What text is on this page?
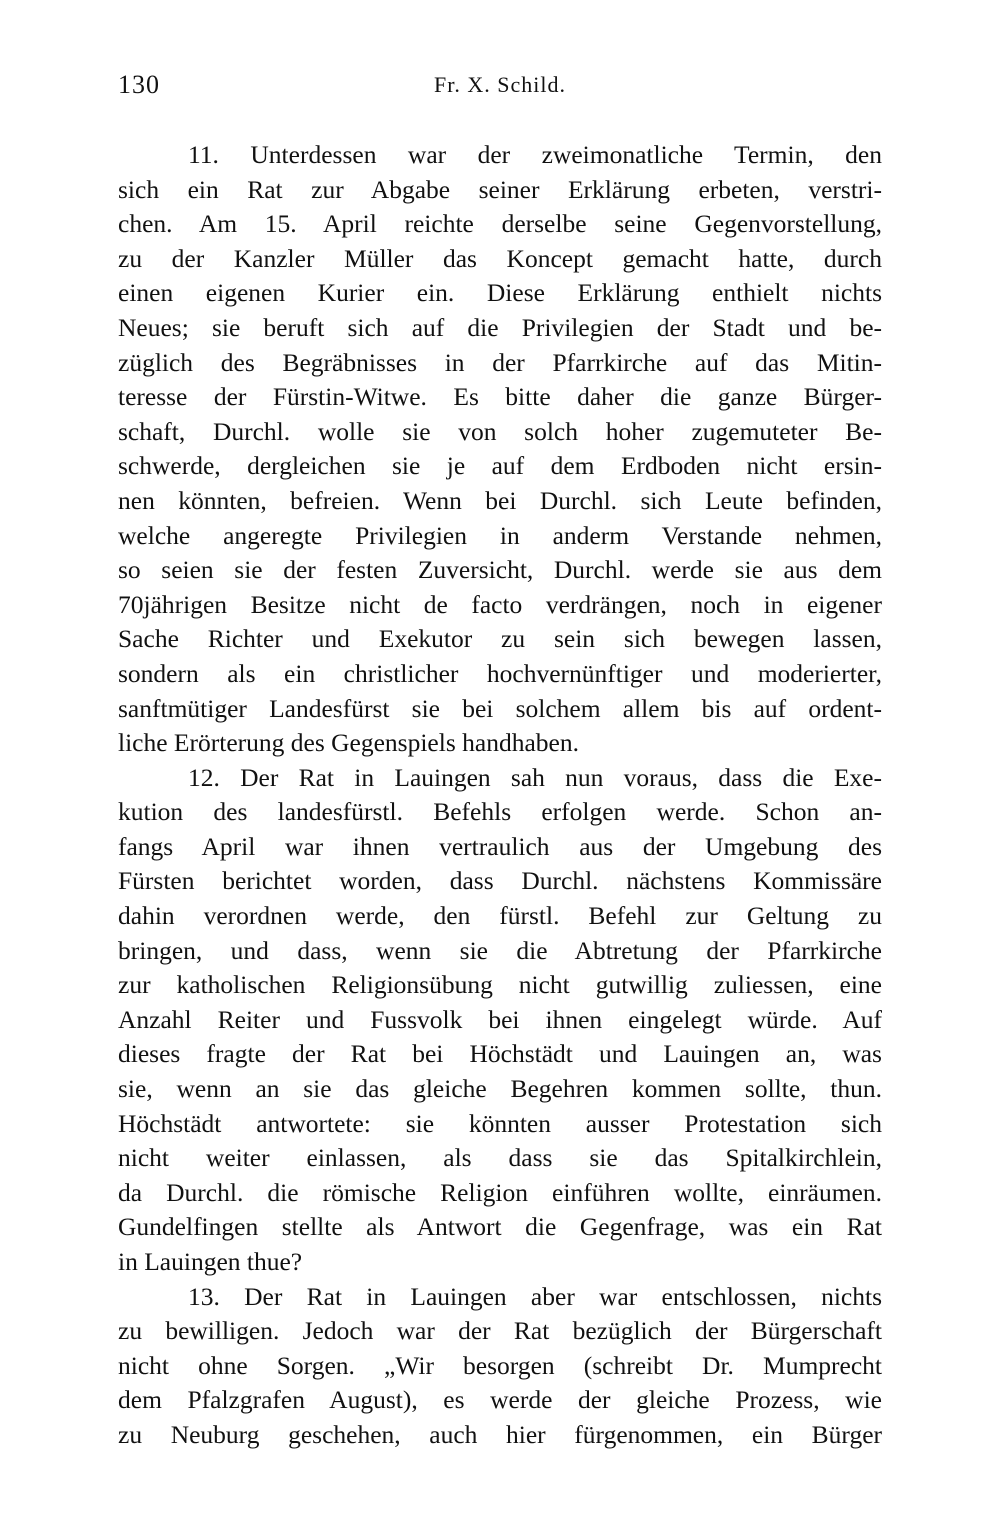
130	Fr. X. Schild.
11. Unterdessen war der zweimonatliche Termin, den
sich ein Rat zur Abgabe seiner Erklärung erbeten, verstri-
chen. Am 15. April reichte derselbe seine Gegenvorstellung,
zu der Kanzler Müller das Koncept gemacht hatte, durch
einen eigenen Kurier ein. Diese Erklärung enthielt nichts
Neues; sie beruft sich auf die Privilegien der Stadt und be-
züglich des Begräbnisses in der Pfarrkirche auf das Mitin-
teresse der Fürstin-Witwe. Es bitte daher die ganze Bürger-
schaft, Durchl. wolle sie von solch hoher zugemuteter Be-
schwerde, dergleichen sie je auf dem Erdboden nicht ersin-
nen könnten, befreien. Wenn bei Durchl. sich Leute befinden,
welche angeregte Privilegien in anderm Verstande nehmen,
so seien sie der festen Zuversicht, Durchl. werde sie aus dem
70jährigen Besitze nicht de facto verdrängen, noch in eigener
Sache Richter und Exekutor zu sein sich bewegen lassen,
sondern als ein christlicher hochvernünftiger und moderierter,
sanftmütiger Landesfürst sie bei solchem allem bis auf ordent-
liche Erörterung des Gegenspiels handhaben.
12. Der Rat in Lauingen sah nun voraus, dass die Exe-
kution des landesfürstl. Befehls erfolgen werde. Schon an-
fangs April war ihnen vertraulich aus der Umgebung des
Fürsten berichtet worden, dass Durchl. nächstens Kommissäre
dahin verordnen werde, den fürstl. Befehl zur Geltung zu
bringen, und dass, wenn sie die Abtretung der Pfarrkirche
zur katholischen Religionsübung nicht gutwillig zuliessen, eine
Anzahl Reiter und Fussvolk bei ihnen eingelegt würde. Auf
dieses fragte der Rat bei Höchstädt und Lauingen an, was
sie, wenn an sie das gleiche Begehren kommen sollte, thun.
Höchstädt antwortete: sie könnten ausser Protestation sich
nicht weiter einlassen, als dass sie das Spitalkirchlein,
da Durchl. die römische Religion einführen wollte, einräumen.
Gundelfingen stellte als Antwort die Gegenfrage, was ein Rat
in Lauingen thue?
13. Der Rat in Lauingen aber war entschlossen, nichts
zu bewilligen. Jedoch war der Rat bezüglich der Bürgerschaft
nicht ohne Sorgen. „Wir besorgen (schreibt Dr. Mumprecht
dem Pfalzgrafen August), es werde der gleiche Prozess, wie
zu Neuburg geschehen, auch hier fürgenommen, ein Bürger
